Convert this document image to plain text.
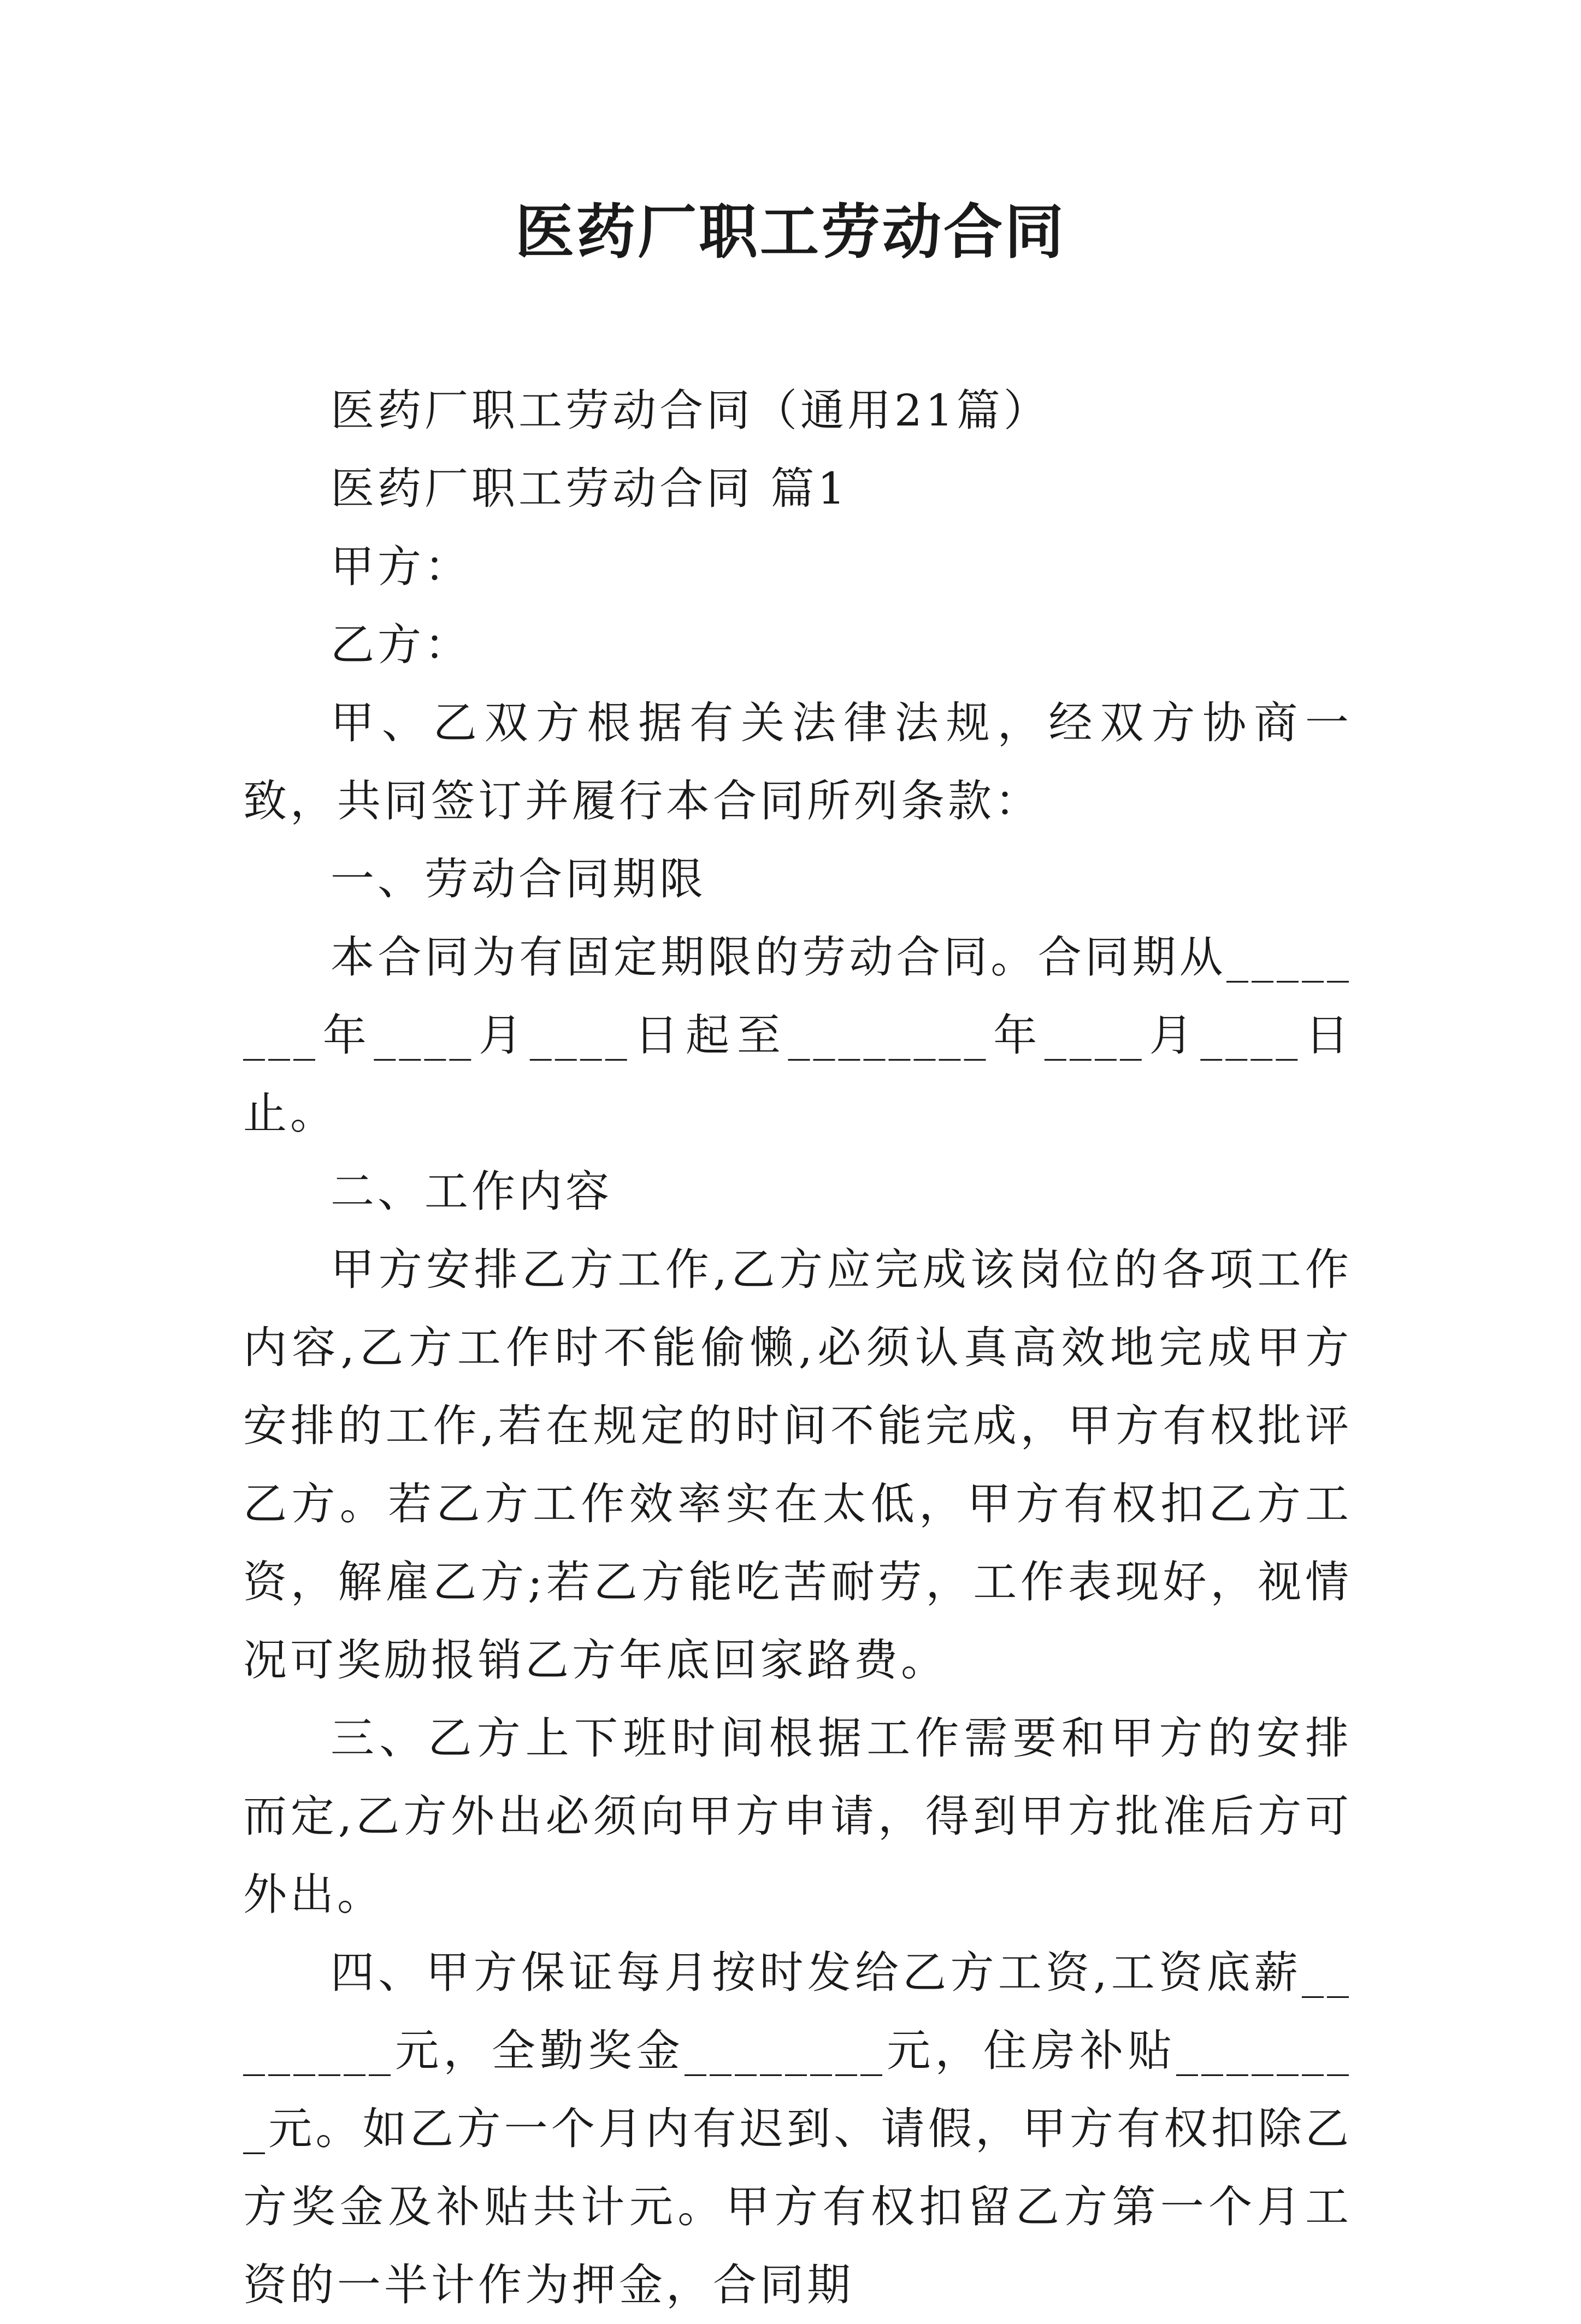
医药厂职工劳动合同

医药厂职工劳动合同（通用21篇）

医药厂职工劳动合同 篇1

甲方：

乙方：

甲、乙双方根据有关法律法规，经双方协商一致，共同签订并履行本合同所列条款：

一、劳动合同期限

本合同为有固定期限的劳动合同。合同期从________年____月____日起至________年____月____日止。

二、工作内容

甲方安排乙方工作,乙方应完成该岗位的各项工作内容,乙方工作时不能偷懒,必须认真高效地完成甲方安排的工作,若在规定的时间不能完成，甲方有权批评乙方。若乙方工作效率实在太低，甲方有权扣乙方工资，解雇乙方;若乙方能吃苦耐劳，工作表现好，视情况可奖励报销乙方年底回家路费。

三、乙方上下班时间根据工作需要和甲方的安排而定,乙方外出必须向甲方申请，得到甲方批准后方可外出。

四、甲方保证每月按时发给乙方工资,工资底薪________元，全勤奖金________元，住房补贴________元。如乙方一个月内有迟到、请假，甲方有权扣除乙方奖金及补贴共计元。甲方有权扣留乙方第一个月工资的一半计作为押金，合同期
